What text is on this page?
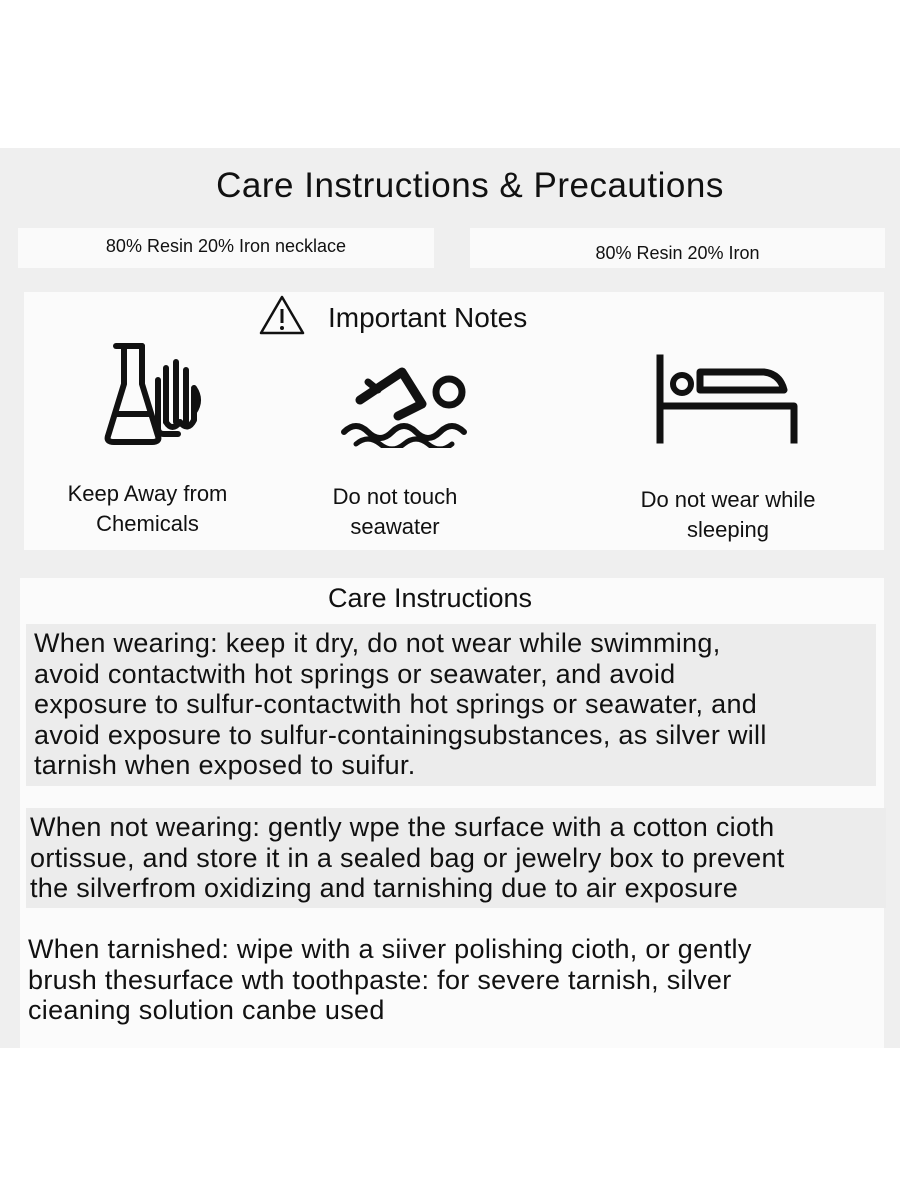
Care Instructions & Precautions
80% Resin 20% Iron necklace	80% Resin 20% Iron
Important Notes
Keep Away from
Chemicals
Do not touch
seawater
Do not wear while
sleeping
Care Instructions
When wearing: keep it dry, do not wear while swimming,
avoid contactwith hot springs or seawater, and avoid
exposure to sulfur-contactwith hot springs or seawater, and
avoid exposure to sulfur-containingsubstances, as silver will
tarnish when exposed to suifur.
When not wearing: gently wpe the surface with a cotton cioth
ortissue, and store it in a sealed bag or jewelry box to prevent
the silverfrom oxidizing and tarnishing due to air exposure
When tarnished: wipe with a siiver polishing cioth, or gently
brush thesurface wth toothpaste: for severe tarnish, silver
cieaning solution canbe used
